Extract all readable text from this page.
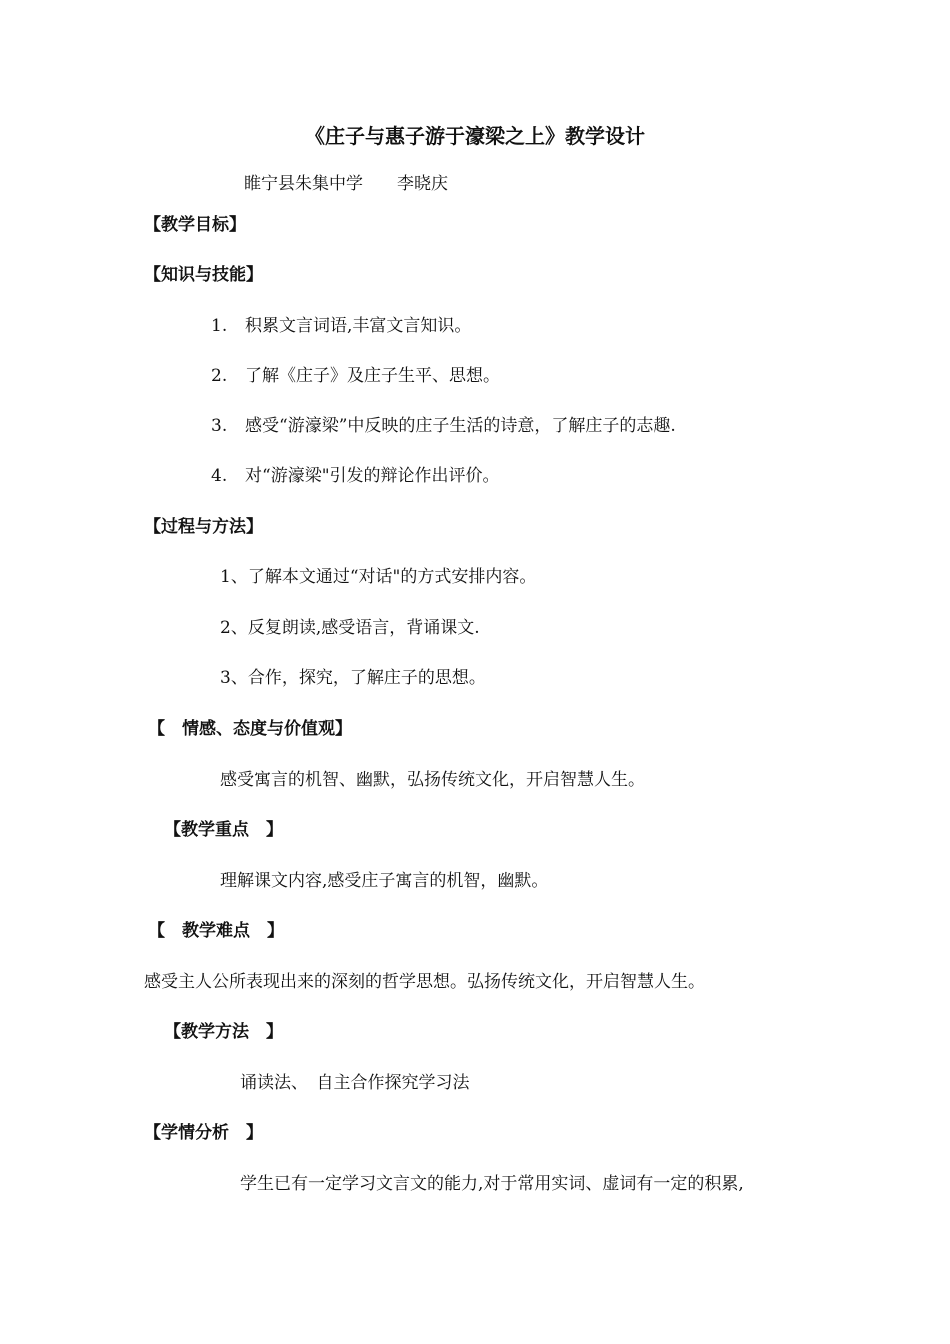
《庄子与惠子游于濠梁之上》教学设计
睢宁县朱集中学 李晓庆
【教学目标】
【知识与技能】
1. 积累文言词语,丰富文言知识。
2. 了解《庄子》及庄子生平、思想。
3. 感受“游濠梁”中反映的庄子生活的诗意，了解庄子的志趣.
4. 对“游濠梁"引发的辩论作出评价。
【过程与方法】
1、了解本文通过“对话"的方式安排内容。
2、反复朗读,感受语言，背诵课文.
3、合作，探究，了解庄子的思想。
【　情感、态度与价值观】
感受寓言的机智、幽默，弘扬传统文化，开启智慧人生。
【教学重点　】
理解课文内容,感受庄子寓言的机智，幽默。
【　教学难点　】
感受主人公所表现出来的深刻的哲学思想。弘扬传统文化，开启智慧人生。
【教学方法　】
诵读法、　自主合作探究学习法
【学情分析　】
学生已有一定学习文言文的能力,对于常用实词、虚词有一定的积累,
